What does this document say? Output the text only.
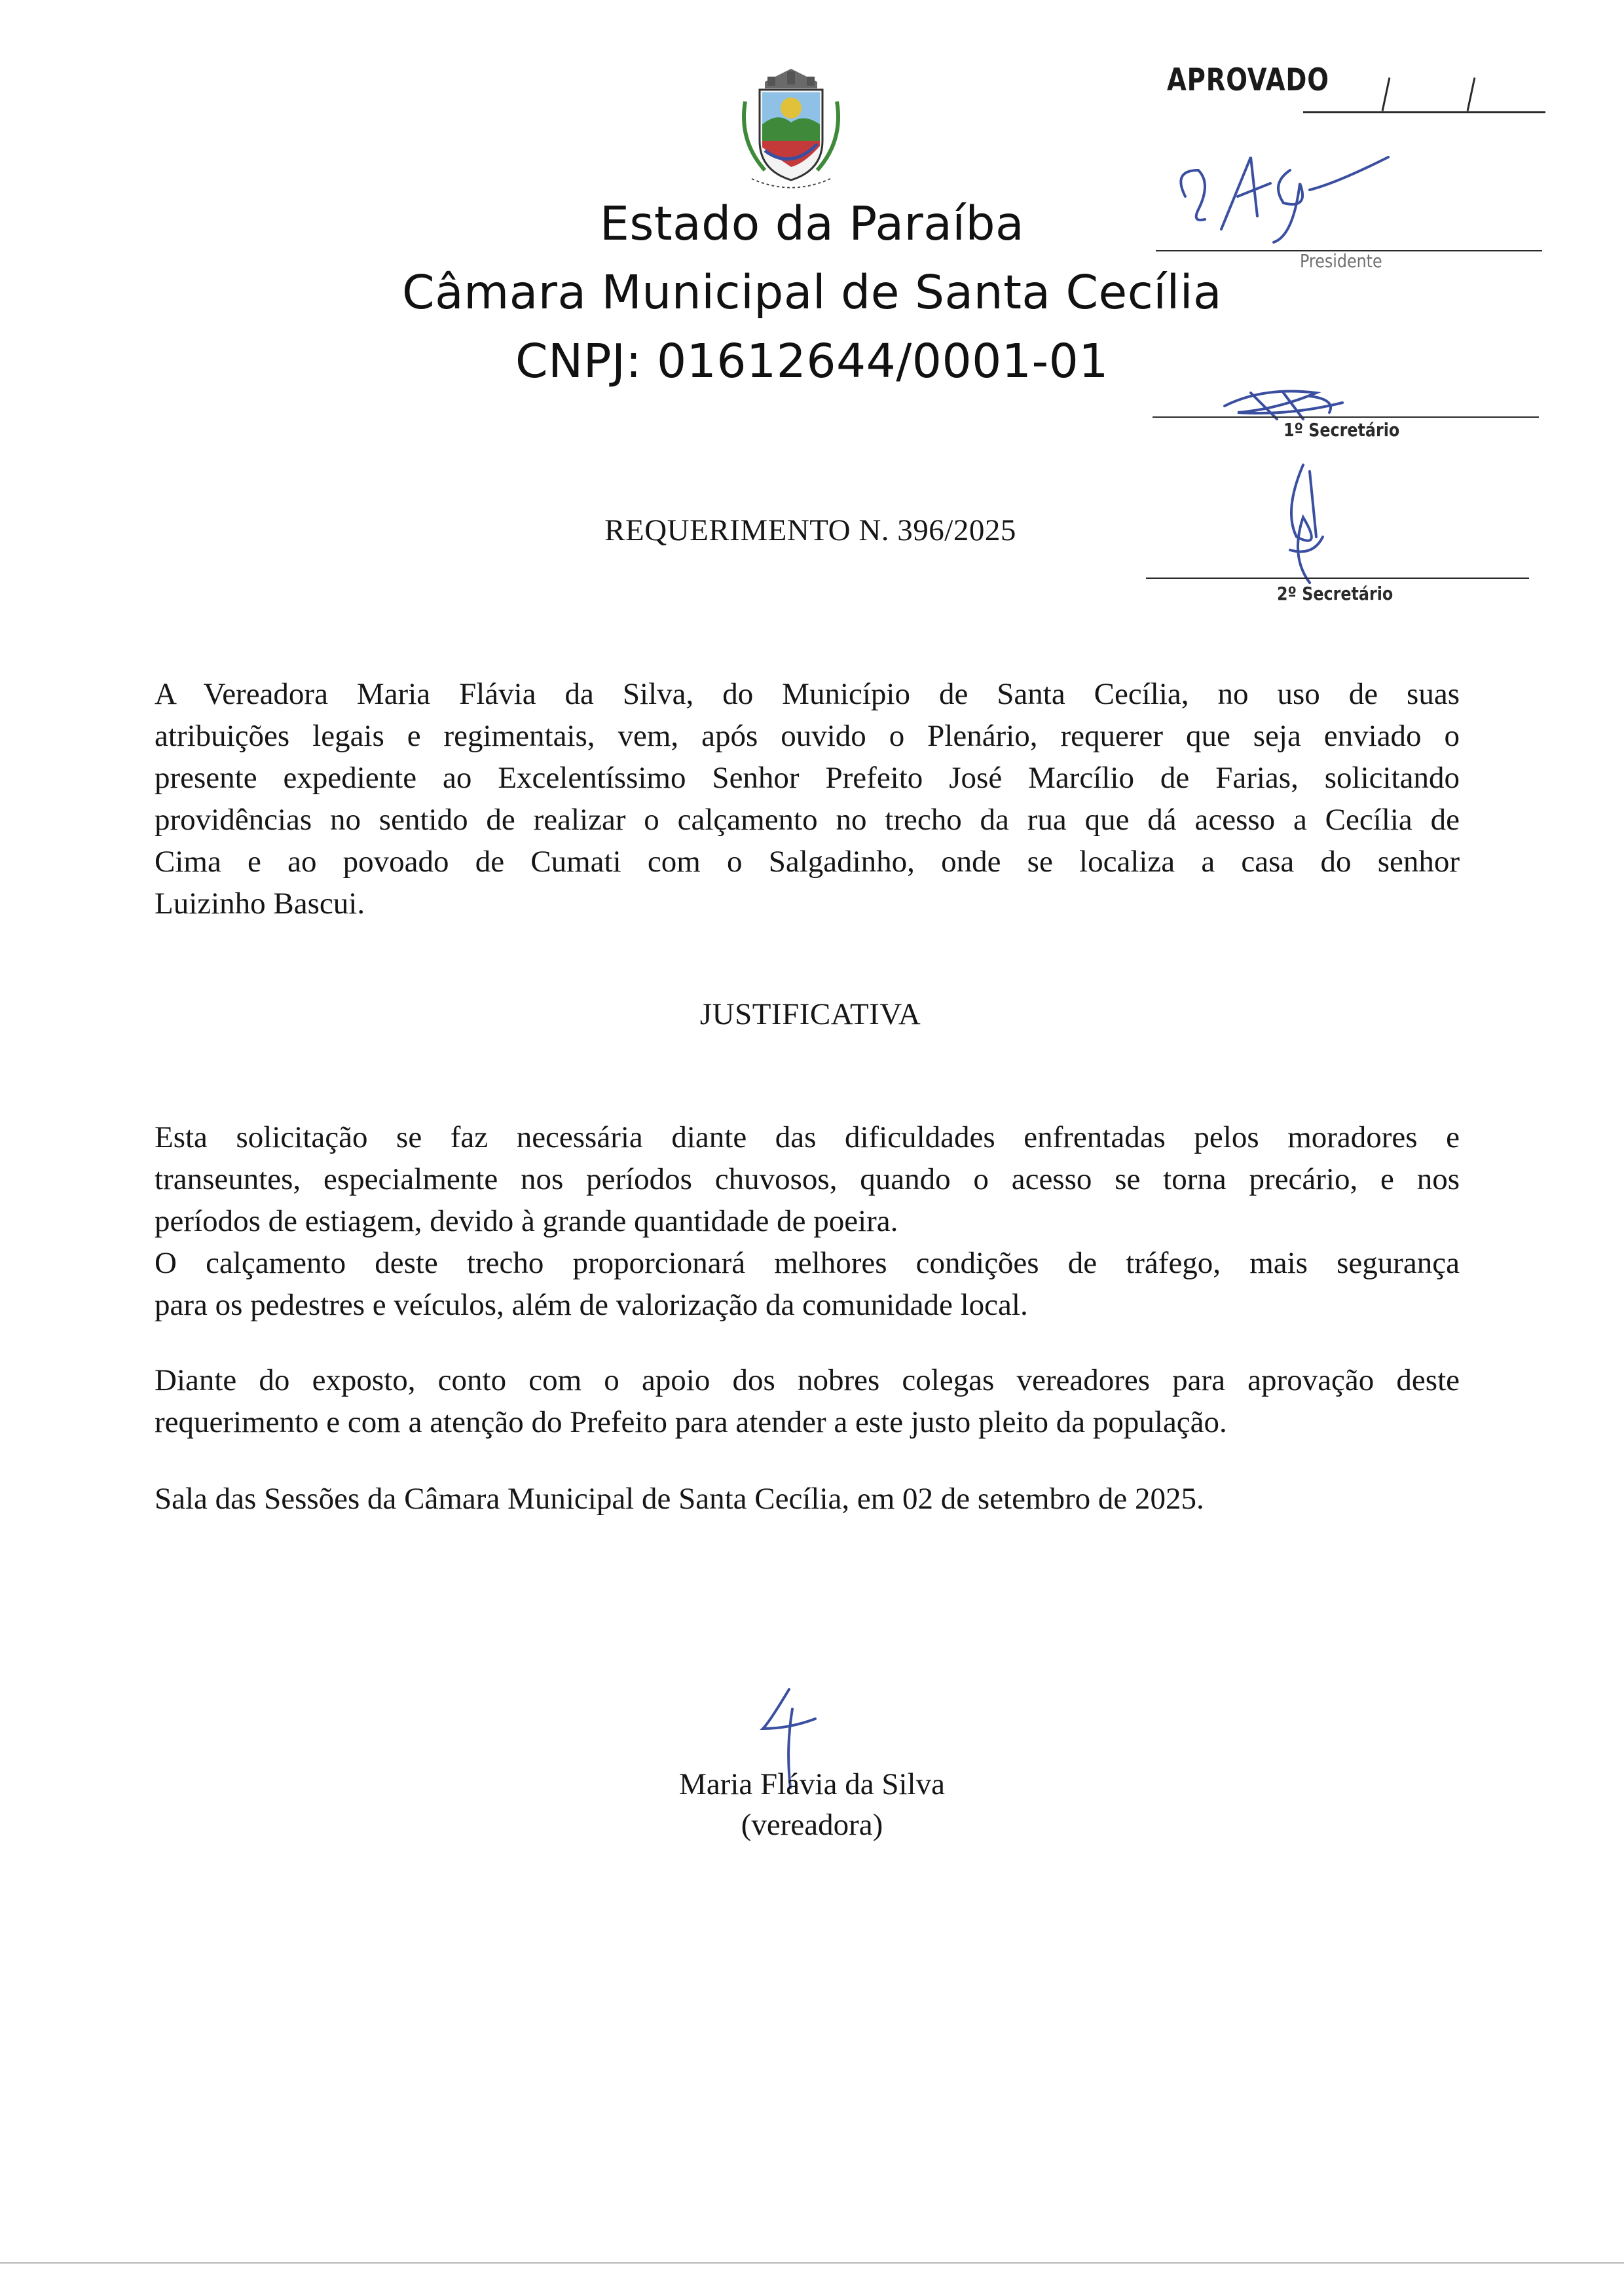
Estado da Paraíba
Câmara Municipal de Santa Cecília
CNPJ: 01612644/0001-01
APROVADO
Presidente
1º Secretário
2º Secretário
REQUERIMENTO N. 396/2025
A Vereadora Maria Flávia da Silva, do Município de Santa Cecília, no uso de suas
atribuições legais e regimentais, vem, após ouvido o Plenário, requerer que seja enviado o
presente expediente ao Excelentíssimo Senhor Prefeito José Marcílio de Farias, solicitando
providências no sentido de realizar o calçamento no trecho da rua que dá acesso a Cecília de
Cima e ao povoado de Cumati com o Salgadinho, onde se localiza a casa do senhor
Luizinho Bascui.
JUSTIFICATIVA
Esta solicitação se faz necessária diante das dificuldades enfrentadas pelos moradores e
transeuntes, especialmente nos períodos chuvosos, quando o acesso se torna precário, e nos
períodos de estiagem, devido à grande quantidade de poeira.
O calçamento deste trecho proporcionará melhores condições de tráfego, mais segurança
para os pedestres e veículos, além de valorização da comunidade local.
Diante do exposto, conto com o apoio dos nobres colegas vereadores para aprovação deste
requerimento e com a atenção do Prefeito para atender a este justo pleito da população.
Sala das Sessões da Câmara Municipal de Santa Cecília, em 02 de setembro de 2025.
Maria Flávia da Silva
(vereadora)
